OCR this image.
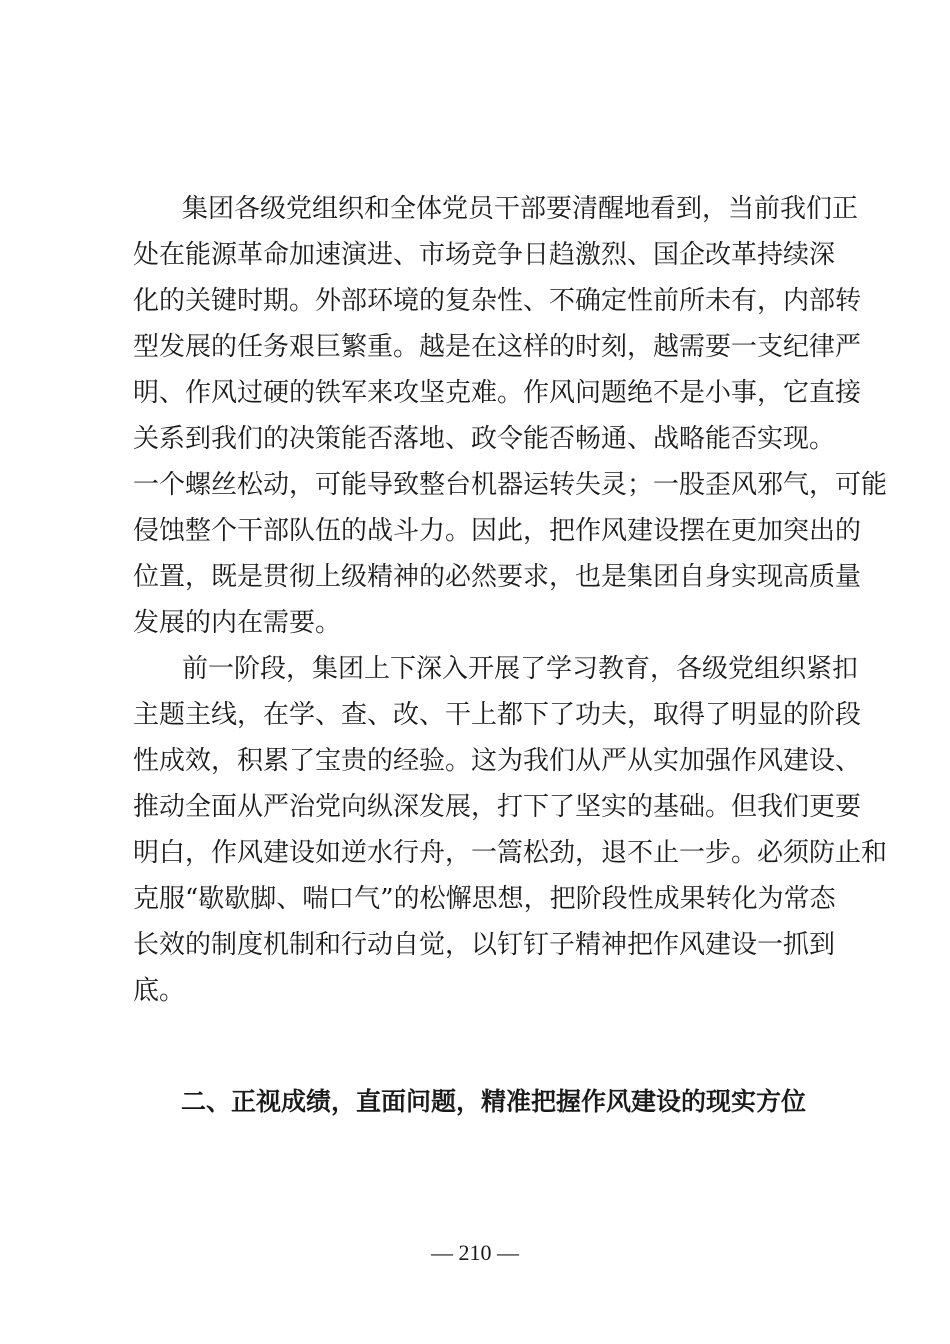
集团各级党组织和全体党员干部要清醒地看到，当前我们正
处在能源革命加速演进、市场竞争日趋激烈、国企改革持续深
化的关键时期。外部环境的复杂性、不确定性前所未有，内部转
型发展的任务艰巨繁重。越是在这样的时刻，越需要一支纪律严
明、作风过硬的铁军来攻坚克难。作风问题绝不是小事，它直接
关系到我们的决策能否落地、政令能否畅通、战略能否实现。
一个螺丝松动，可能导致整台机器运转失灵；一股歪风邪气，可能
侵蚀整个干部队伍的战斗力。因此，把作风建设摆在更加突出的
位置，既是贯彻上级精神的必然要求，也是集团自身实现高质量
发展的内在需要。
前一阶段，集团上下深入开展了学习教育，各级党组织紧扣
主题主线，在学、查、改、干上都下了功夫，取得了明显的阶段
性成效，积累了宝贵的经验。这为我们从严从实加强作风建设、
推动全面从严治党向纵深发展，打下了坚实的基础。但我们更要
明白，作风建设如逆水行舟，一篙松劲，退不止一步。必须防止和
克服“歇歇脚、喘口气”的松懈思想，把阶段性成果转化为常态
长效的制度机制和行动自觉，以钉钉子精神把作风建设一抓到
底。
二、正视成绩，直面问题，精准把握作风建设的现实方位
— 210 —
